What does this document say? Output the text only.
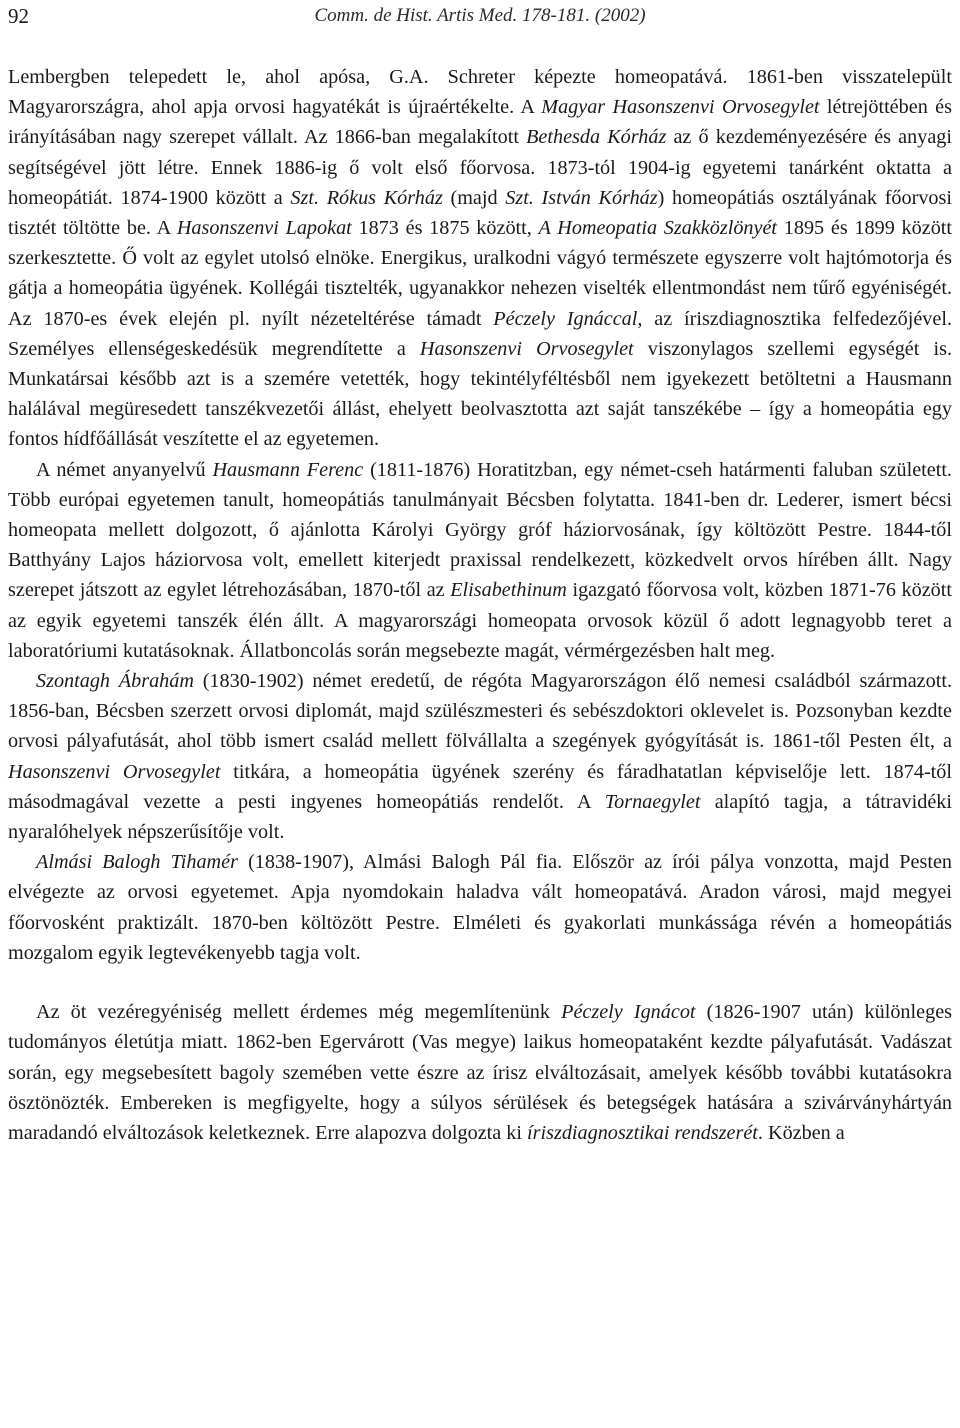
92	Comm. de Hist. Artis Med. 178-181. (2002)

Lembergben telepedett le, ahol apósa, G.A. Schreter képezte homeopatává. 1861-ben visszatelepült Magyarországra, ahol apja orvosi hagyatékát is újraértékelte. A Magyar Hasonszenvi Orvosegylet létrejöttében és irányításában nagy szerepet vállalt. Az 1866-ban megalakított Bethesda Kórház az ő kezdeményezésére és anyagi segítségével jött létre. Ennek 1886-ig ő volt első főorvosa. 1873-tól 1904-ig egyetemi tanárként oktatta a homeopátiát. 1874-1900 között a Szt. Rókus Kórház (majd Szt. István Kórház) homeopátiás osztályának főorvosi tisztét töltötte be. A Hasonszenvi Lapokat 1873 és 1875 között, A Homeopatia Szakközlönyét 1895 és 1899 között szerkesztette. Ő volt az egylet utolsó elnöke. Energikus, uralkodni vágyó természete egyszerre volt hajtómotorja és gátja a homeopátia ügyének. Kollégái tisztelték, ugyanakkor nehezen viselték ellentmondást nem tűrő egyéniségét. Az 1870-es évek elején pl. nyílt nézeteltérése támadt Péczely Ignáccal, az íriszdiagnosztika felfedezőjével. Személyes ellenségeskedésük megrendítette a Hasonszenvi Orvosegylet viszonylagos szellemi egységét is. Munkatársai később azt is a szemére vetették, hogy tekintélyféltésből nem igyekezett betöltetni a Hausmann halálával megüresedett tanszékvezetői állást, ehelyett beolvasztotta azt saját tanszékébe – így a homeopátia egy fontos hídfőállását veszítette el az egyetemen.

A német anyanyelvű Hausmann Ferenc (1811-1876) Horatitzban, egy német-cseh határmenti faluban született. Több európai egyetemen tanult, homeopátiás tanulmányait Bécsben folytatta. 1841-ben dr. Lederer, ismert bécsi homeopata mellett dolgozott, ő ajánlotta Károlyi György gróf háziorvosának, így költözött Pestre. 1844-től Batthyány Lajos háziorvosa volt, emellett kiterjedt praxissal rendelkezett, közkedvelt orvos hírében állt. Nagy szerepet játszott az egylet létrehozásában, 1870-től az Elisabethinum igazgató főorvosa volt, közben 1871-76 között az egyik egyetemi tanszék élén állt. A magyarországi homeopata orvosok közül ő adott legnagyobb teret a laboratóriumi kutatásoknak. Állatboncolás során megsebezte magát, vérmérgezésben halt meg.

Szontagh Ábrahám (1830-1902) német eredetű, de régóta Magyarországon élő nemesi családból származott. 1856-ban, Bécsben szerzett orvosi diplomát, majd szülészmesteri és sebészdoktori oklevelet is. Pozsonyban kezdte orvosi pályafutását, ahol több ismert család mellett fölvállalta a szegények gyógyítását is. 1861-től Pesten élt, a Hasonszenvi Orvosegylet titkára, a homeopátia ügyének szerény és fáradhatatlan képviselője lett. 1874-től másodmagával vezette a pesti ingyenes homeopátiás rendelőt. A Tornaegylet alapító tagja, a tátravidéki nyaralóhelyek népszerűsítője volt.

Almási Balogh Tihamér (1838-1907), Almási Balogh Pál fia. Először az írói pálya vonzotta, majd Pesten elvégezte az orvosi egyetemet. Apja nyomdokain haladva vált homeopatává. Aradon városi, majd megyei főorvosként praktizált. 1870-ben költözött Pestre. Elméleti és gyakorlati munkássága révén a homeopátiás mozgalom egyik legtevékenyebb tagja volt.

Az öt vezéregyéniség mellett érdemes még megemlítenünk Péczely Ignácot (1826-1907 után) különleges tudományos életútja miatt. 1862-ben Egervárott (Vas megye) laikus homeopataként kezdte pályafutását. Vadászat során, egy megsebesített bagoly szemében vette észre az írisz elváltozásait, amelyek később további kutatásokra ösztönözték. Embereken is megfigyelte, hogy a súlyos sérülések és betegségek hatására a szivárványhártyán maradandó elváltozások keletkeznek. Erre alapozva dolgozta ki íriszdiagnosztikai rendszerét. Közben a
